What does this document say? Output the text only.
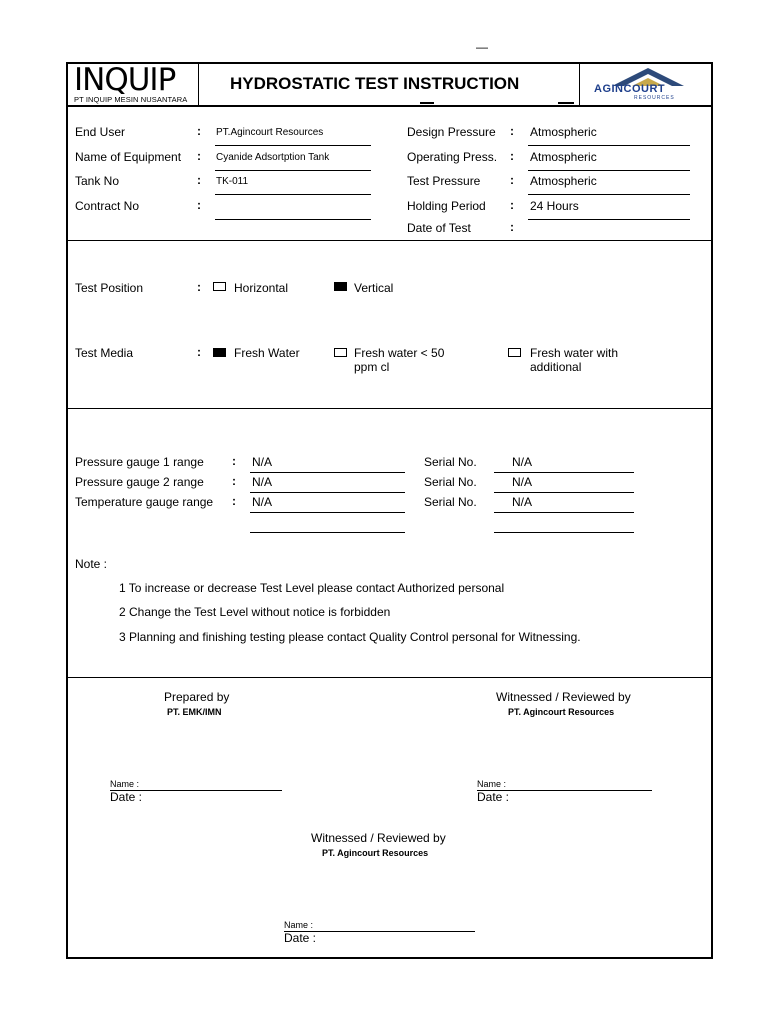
—
INQUIP
PT INQUIP MESIN NUSANTARA
HYDROSTATIC TEST INSTRUCTION	AGINCOURT
RESOURCES
End User	: PT.Agincourt Resources
Name of Equipment : Cyanide Adsortption Tank
Tank No	: TK-011
Contract No	:
Design Pressure : Atmospheric
Operating Press. : Atmospheric
Test Pressure : Atmospheric
Holding Period : 24 Hours
Date of Test	:
Test Position	:	Horizontal	Vertical
Test Media	:	Fresh Water	Fresh water < 50
ppm cl
Fresh water with
additional
Pressure gauge 1 range : N/A	Serial No.	N/A
Pressure gauge 2 range : N/A	Serial No.	N/A
Temperature gauge range : N/A	Serial No.	N/A
Note :
1 To increase or decrease Test Level please contact Authorized personal
2 Change the Test Level without notice is forbidden
3 Planning and finishing testing please contact Quality Control personal for Witnessing.
Prepared by
PT. EMK/IMN
Name :
Date :
Witnessed / Reviewed by
PT. Agincourt Resources
Name :
Date :
Witnessed / Reviewed by
PT. Agincourt Resources
Name :
Date :
